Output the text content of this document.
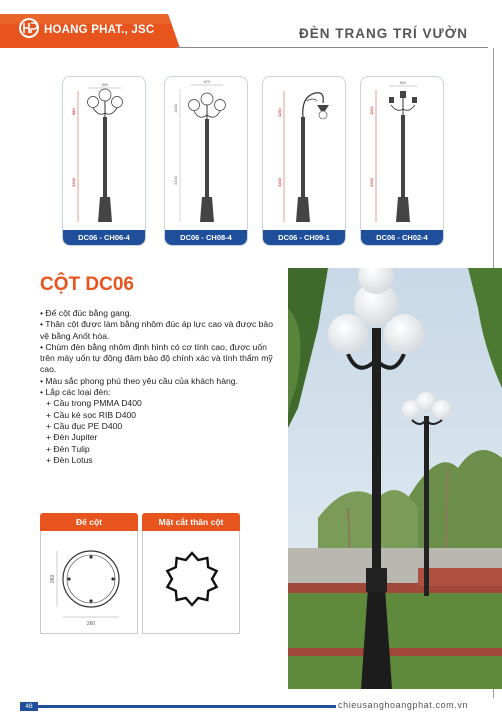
HOANG PHAT., JSC	ĐÈN TRANG TRÍ VƯỜN
800
880
3200
DC06 - CH06-4
870
1000
3200
DC06 - CH08-4
1150
3200
DC06 - CH09-1
800
1150
3200
DC06 - CH02-4
CỘT DC06

• Đế cột đúc bằng gang.

• Thân cột được làm bằng nhôm đúc áp lực cao và được bảo vệ bằng Anốt hóa.

• Chùm đèn bằng nhôm định hình có cơ tính cao, được uốn trên máy uốn tự động đảm bảo độ chính xác và tính thẩm mỹ cao.

• Màu sắc phong phú theo yêu cầu của khách hàng.

• Lắp các loại đèn:

+ Cầu trong PMMA D400

+ Cầu kẻ sọc RIB D400

+ Cầu đục PE D400

+ Đèn Jupiter

+ Đèn Tulip

+ Đèn Lotus

Đế cột
260
260
Mặt cắt thân cột
48	chieusanghoangphat.com.vn
